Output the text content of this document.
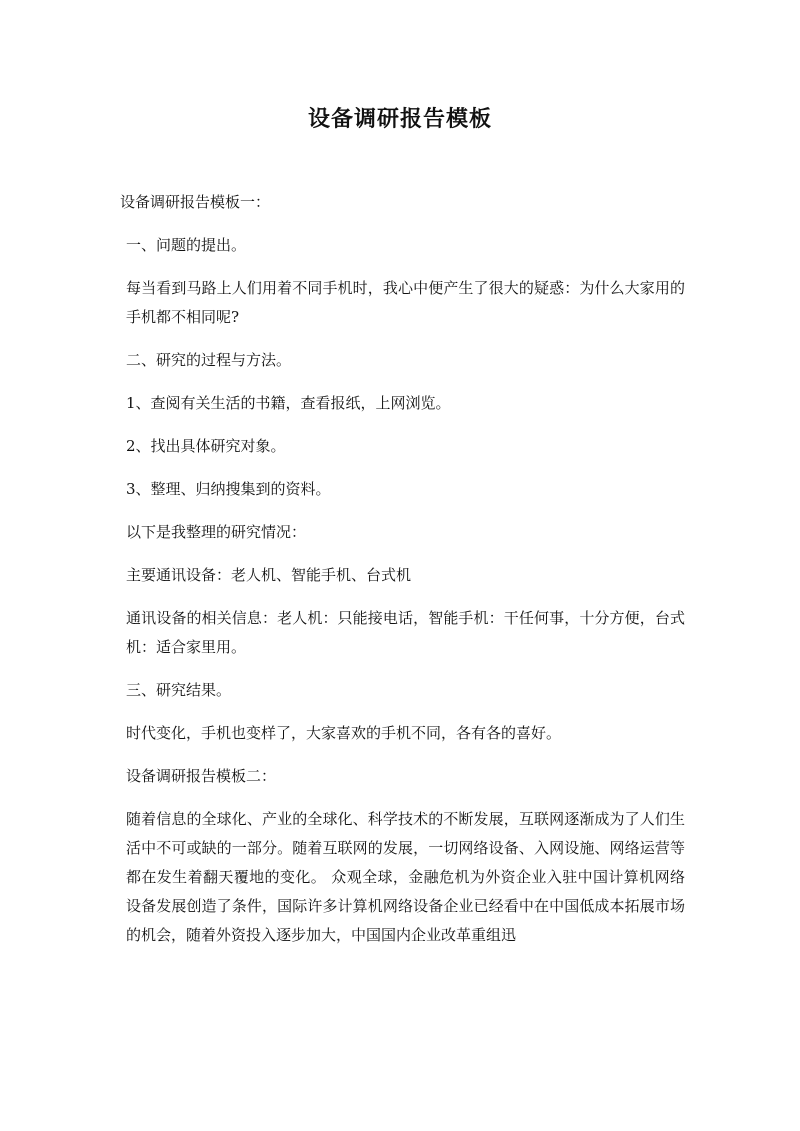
设备调研报告模板

设备调研报告模板一：

一、问题的提出。

每当看到马路上人们用着不同手机时，我心中便产生了很大的疑惑：为什么大家用的手机都不相同呢?

二、研究的过程与方法。

1、查阅有关生活的书籍，查看报纸，上网浏览。

2、找出具体研究对象。

3、整理、归纳搜集到的资料。

以下是我整理的研究情况：

主要通讯设备：老人机、智能手机、台式机

通讯设备的相关信息：老人机：只能接电话，智能手机：干任何事，十分方便，台式机：适合家里用。

三、研究结果。

时代变化，手机也变样了，大家喜欢的手机不同，各有各的喜好。

设备调研报告模板二：

随着信息的全球化、产业的全球化、科学技术的不断发展，互联网逐渐成为了人们生活中不可或缺的一部分。随着互联网的发展，一切网络设备、入网设施、网络运营等都在发生着翻天覆地的变化。 众观全球，金融危机为外资企业入驻中国计算机网络设备发展创造了条件，国际许多计算机网络设备企业已经看中在中国低成本拓展市场的机会，随着外资投入逐步加大，中国国内企业改革重组迅
